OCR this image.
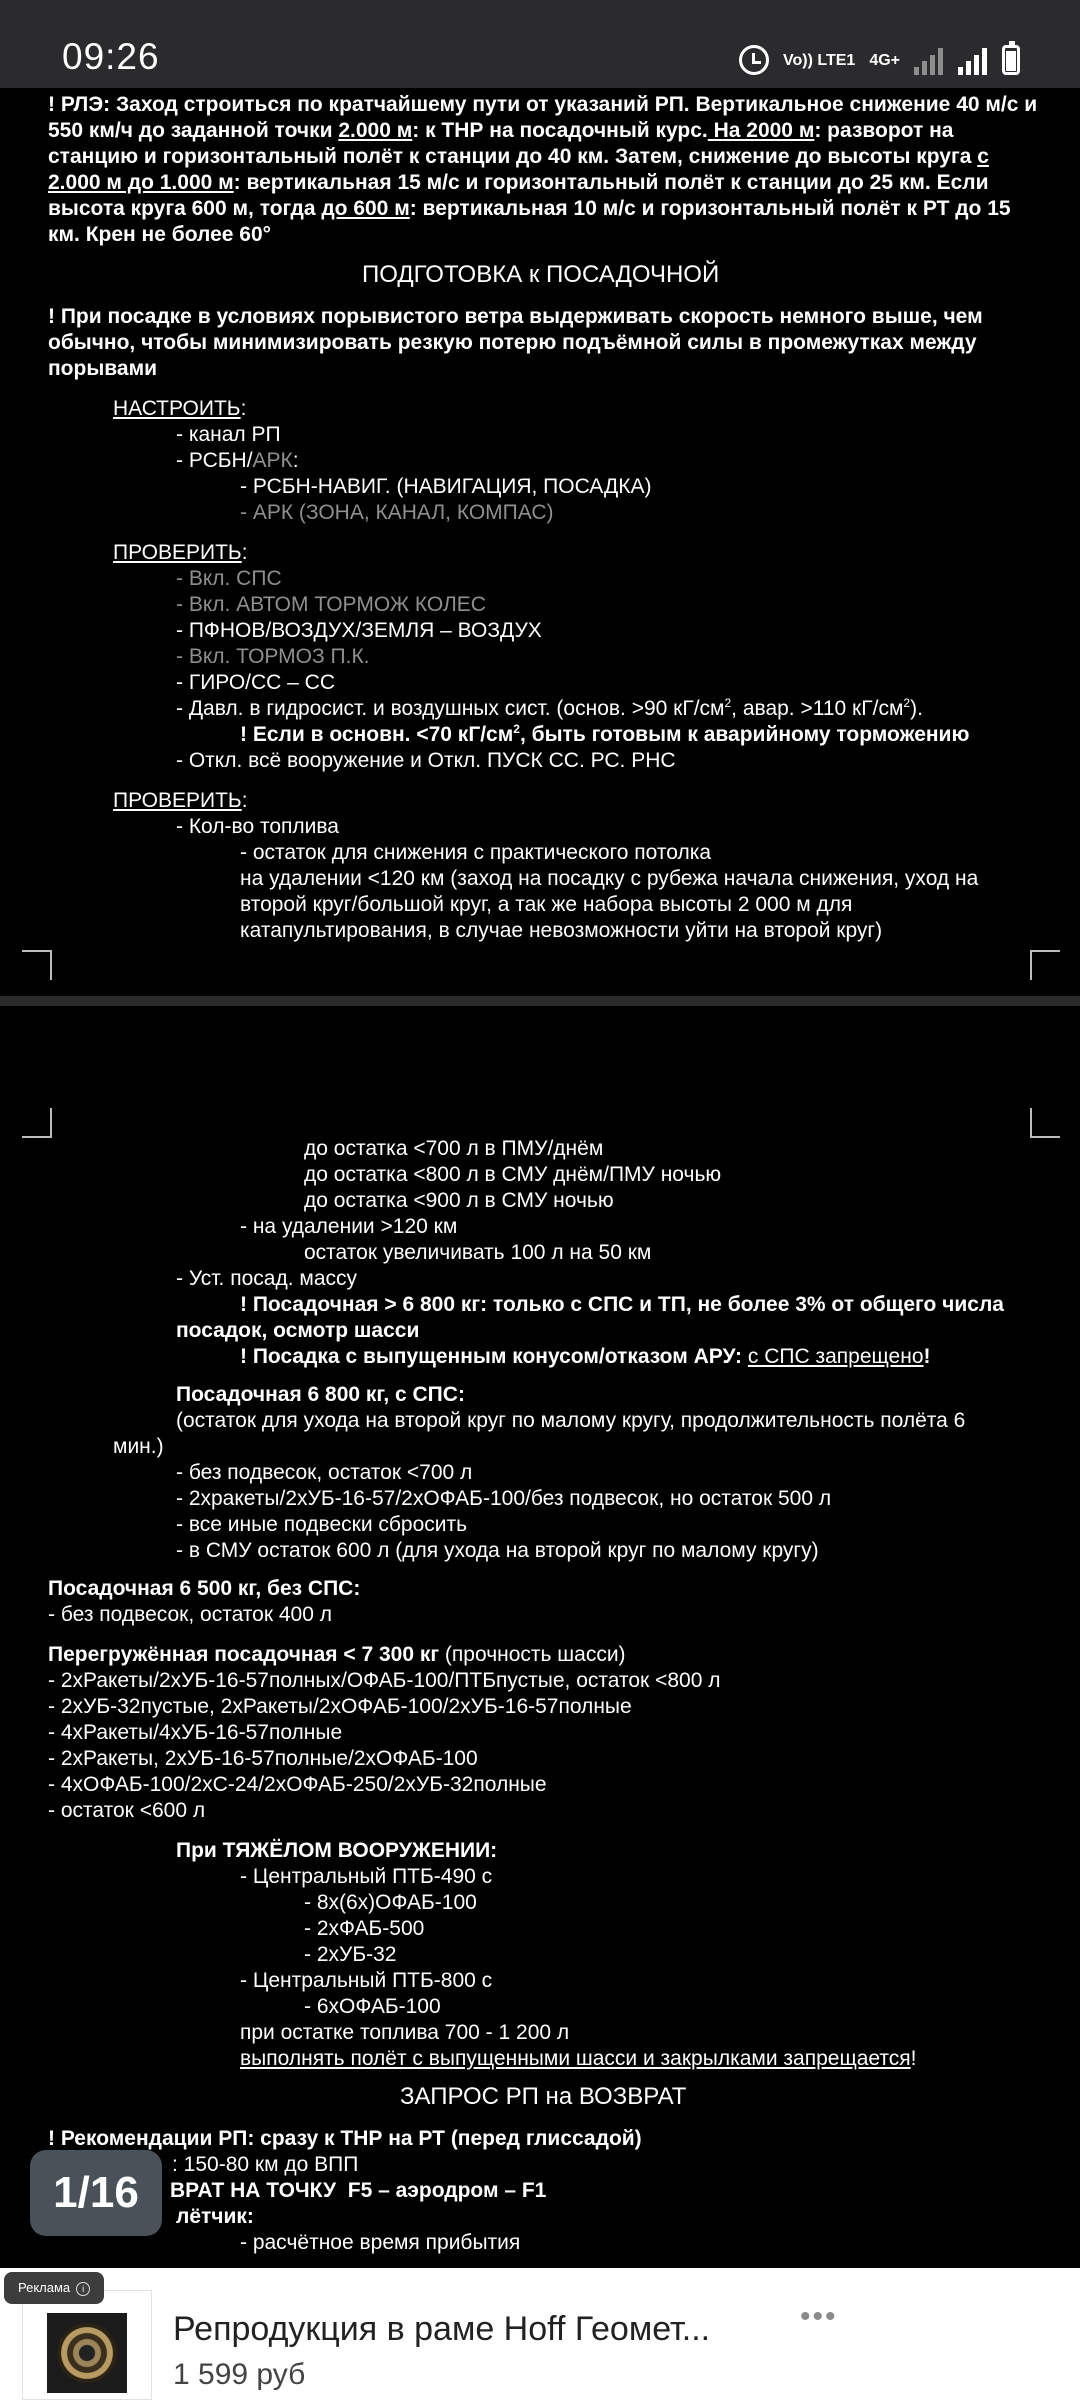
09:26	Vo)) LTE1 4G+
! РЛЭ: Заход строиться по кратчайшему пути от указаний РП. Вертикальное снижение 40 м/с и
550 км/ч до заданной точки 2.000 м: к ТНР на посадочный курс. На 2000 м: разворот на
станцию и горизонтальный полёт к станции до 40 км. Затем, снижение до высоты круга с
2.000 м до 1.000 м: вертикальная 15 м/с и горизонтальный полёт к станции до 25 км. Если
высота круга 600 м, тогда до 600 м: вертикальная 10 м/с и горизонтальный полёт к РТ до 15
км. Крен не более 60°
ПОДГОТОВКА к ПОСАДОЧНОЙ
! При посадке в условиях порывистого ветра выдерживать скорость немного выше, чем
обычно, чтобы минимизировать резкую потерю подъёмной силы в промежутках между
порывами
НАСТРОИТЬ:
- канал РП
- РСБН/АРК:
- РСБН-НАВИГ. (НАВИГАЦИЯ, ПОСАДКА)
- АРК (ЗОНА, КАНАЛ, КОМПАС)
ПРОВЕРИТЬ:
- Вкл. СПС
- Вкл. АВТОМ ТОРМОЖ КОЛЕС
- ПФНОВ/ВОЗДУХ/ЗЕМЛЯ – ВОЗДУХ
- Вкл. ТОРМОЗ П.К.
- ГИРО/СС – СС
- Давл. в гидросист. и воздушных сист. (основ. >90 $кГ/см^2$, авар. >110 $кГ/см^2$).
! Если в основн. <70 $кГ/см^2$, быть готовым к аварийному торможению
- Откл. всё вооружение и Откл. ПУСК СС. РС. РНС
ПРОВЕРИТЬ:
- Кол-во топлива
- остаток для снижения с практического потолка
на удалении <120 км (заход на посадку с рубежа начала снижения, уход на
второй круг/большой круг, а так же набора высоты 2 000 м для
катапультирования, в случае невозможности уйти на второй круг)
до остатка <700 л в ПМУ/днём
до остатка <800 л в СМУ днём/ПМУ ночью
до остатка <900 л в СМУ ночью
- на удалении >120 км
остаток увеличивать 100 л на 50 км
- Уст. посад. массу
! Посадочная > 6 800 кг: только с СПС и ТП, не более 3% от общего числа
посадок, осмотр шасси
! Посадка с выпущенным конусом/отказом АРУ: с СПС запрещено!
Посадочная 6 800 кг, с СПС:
(остаток для ухода на второй круг по малому кругу, продолжительность полёта 6
мин.)
- без подвесок, остаток <700 л
- 2хракеты/2хУБ-16-57/2хОФАБ-100/без подвесок, но остаток 500 л
- все иные подвески сбросить
- в СМУ остаток 600 л (для ухода на второй круг по малому кругу)
Посадочная 6 500 кг, без СПС:
- без подвесок, остаток 400 л
Перегружённая посадочная < 7 300 кг (прочность шасси)
- 2хРакеты/2хУБ-16-57полных/ОФАБ-100/ПТБпустые, остаток <800 л
- 2хУБ-32пустые, 2хРакеты/2хОФАБ-100/2хУБ-16-57полные
- 4хРакеты/4хУБ-16-57полные
- 2хРакеты, 2хУБ-16-57полные/2хОФАБ-100
- 4хОФАБ-100/2хС-24/2хОФАБ-250/2хУБ-32полные
- остаток <600 л
При ТЯЖЁЛОМ ВООРУЖЕНИИ:
- Центральный ПТБ-490 с
- 8х(6х)ОФАБ-100
- 2хФАБ-500
- 2хУБ-32
- Центральный ПТБ-800 с
- 6хОФАБ-100
при остатке топлива 700 - 1 200 л
выполнять полёт с выпущенными шасси и закрылками запрещается!
ЗАПРОС РП на ВОЗВРАТ
! Рекомендации РП: сразу к ТНР на РТ (перед глиссадой)
: 150-80 км до ВПП
ВРАТ НА ТОЧКУ  F5 – аэродром – F1
лётчик:
- расчётное время прибытия
1/16
Реклама i
Репродукция в раме Hoff Геомет...
1 599 руб
•••
